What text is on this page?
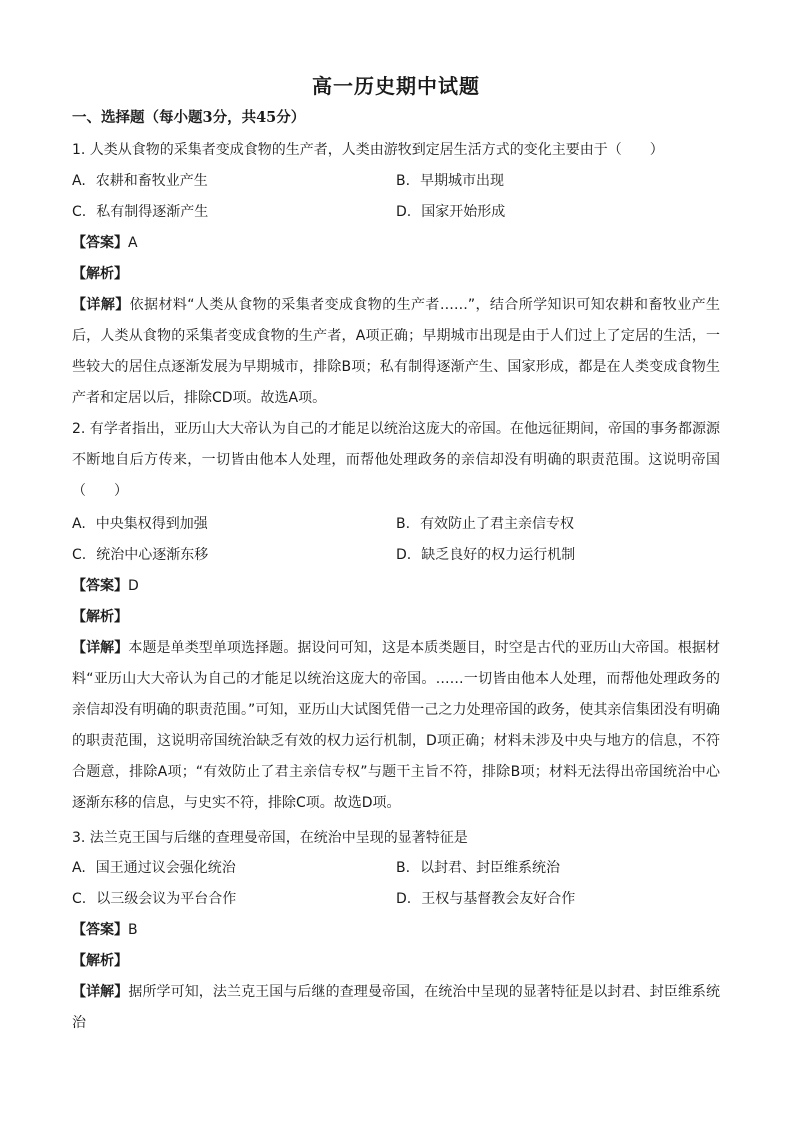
高一历史期中试题
一、选择题（每小题3分，共45分）
1. 人类从食物的采集者变成食物的生产者，人类由游牧到定居生活方式的变化主要由于（　　）
A. 农耕和畜牧业产生	B. 早期城市出现
C. 私有制得逐渐产生	D. 国家开始形成
【答案】A
【解析】
【详解】依据材料“人类从食物的采集者变成食物的生产者……”，结合所学知识可知农耕和畜牧业产生后，人类从食物的采集者变成食物的生产者，A项正确；早期城市出现是由于人们过上了定居的生活，一些较大的居住点逐渐发展为早期城市，排除B项；私有制得逐渐产生、国家形成，都是在人类变成食物生产者和定居以后，排除CD项。故选A项。
2. 有学者指出，亚历山大大帝认为自己的才能足以统治这庞大的帝国。在他远征期间，帝国的事务都源源不断地自后方传来，一切皆由他本人处理，而帮他处理政务的亲信却没有明确的职责范围。这说明帝国（　　）
A. 中央集权得到加强	B. 有效防止了君主亲信专权
C. 统治中心逐渐东移	D. 缺乏良好的权力运行机制
【答案】D
【解析】
【详解】本题是单类型单项选择题。据设问可知，这是本质类题目，时空是古代的亚历山大帝国。根据材料“亚历山大大帝认为自己的才能足以统治这庞大的帝国。……一切皆由他本人处理，而帮他处理政务的亲信却没有明确的职责范围。”可知，亚历山大试图凭借一己之力处理帝国的政务，使其亲信集团没有明确的职责范围，这说明帝国统治缺乏有效的权力运行机制，D项正确；材料未涉及中央与地方的信息，不符合题意，排除A项；“有效防止了君主亲信专权”与题干主旨不符，排除B项；材料无法得出帝国统治中心逐渐东移的信息，与史实不符，排除C项。故选D项。
3. 法兰克王国与后继的查理曼帝国，在统治中呈现的显著特征是
A. 国王通过议会强化统治	B. 以封君、封臣维系统治
C. 以三级会议为平台合作	D. 王权与基督教会友好合作
【答案】B
【解析】
【详解】据所学可知，法兰克王国与后继的查理曼帝国，在统治中呈现的显著特征是以封君、封臣维系统治
